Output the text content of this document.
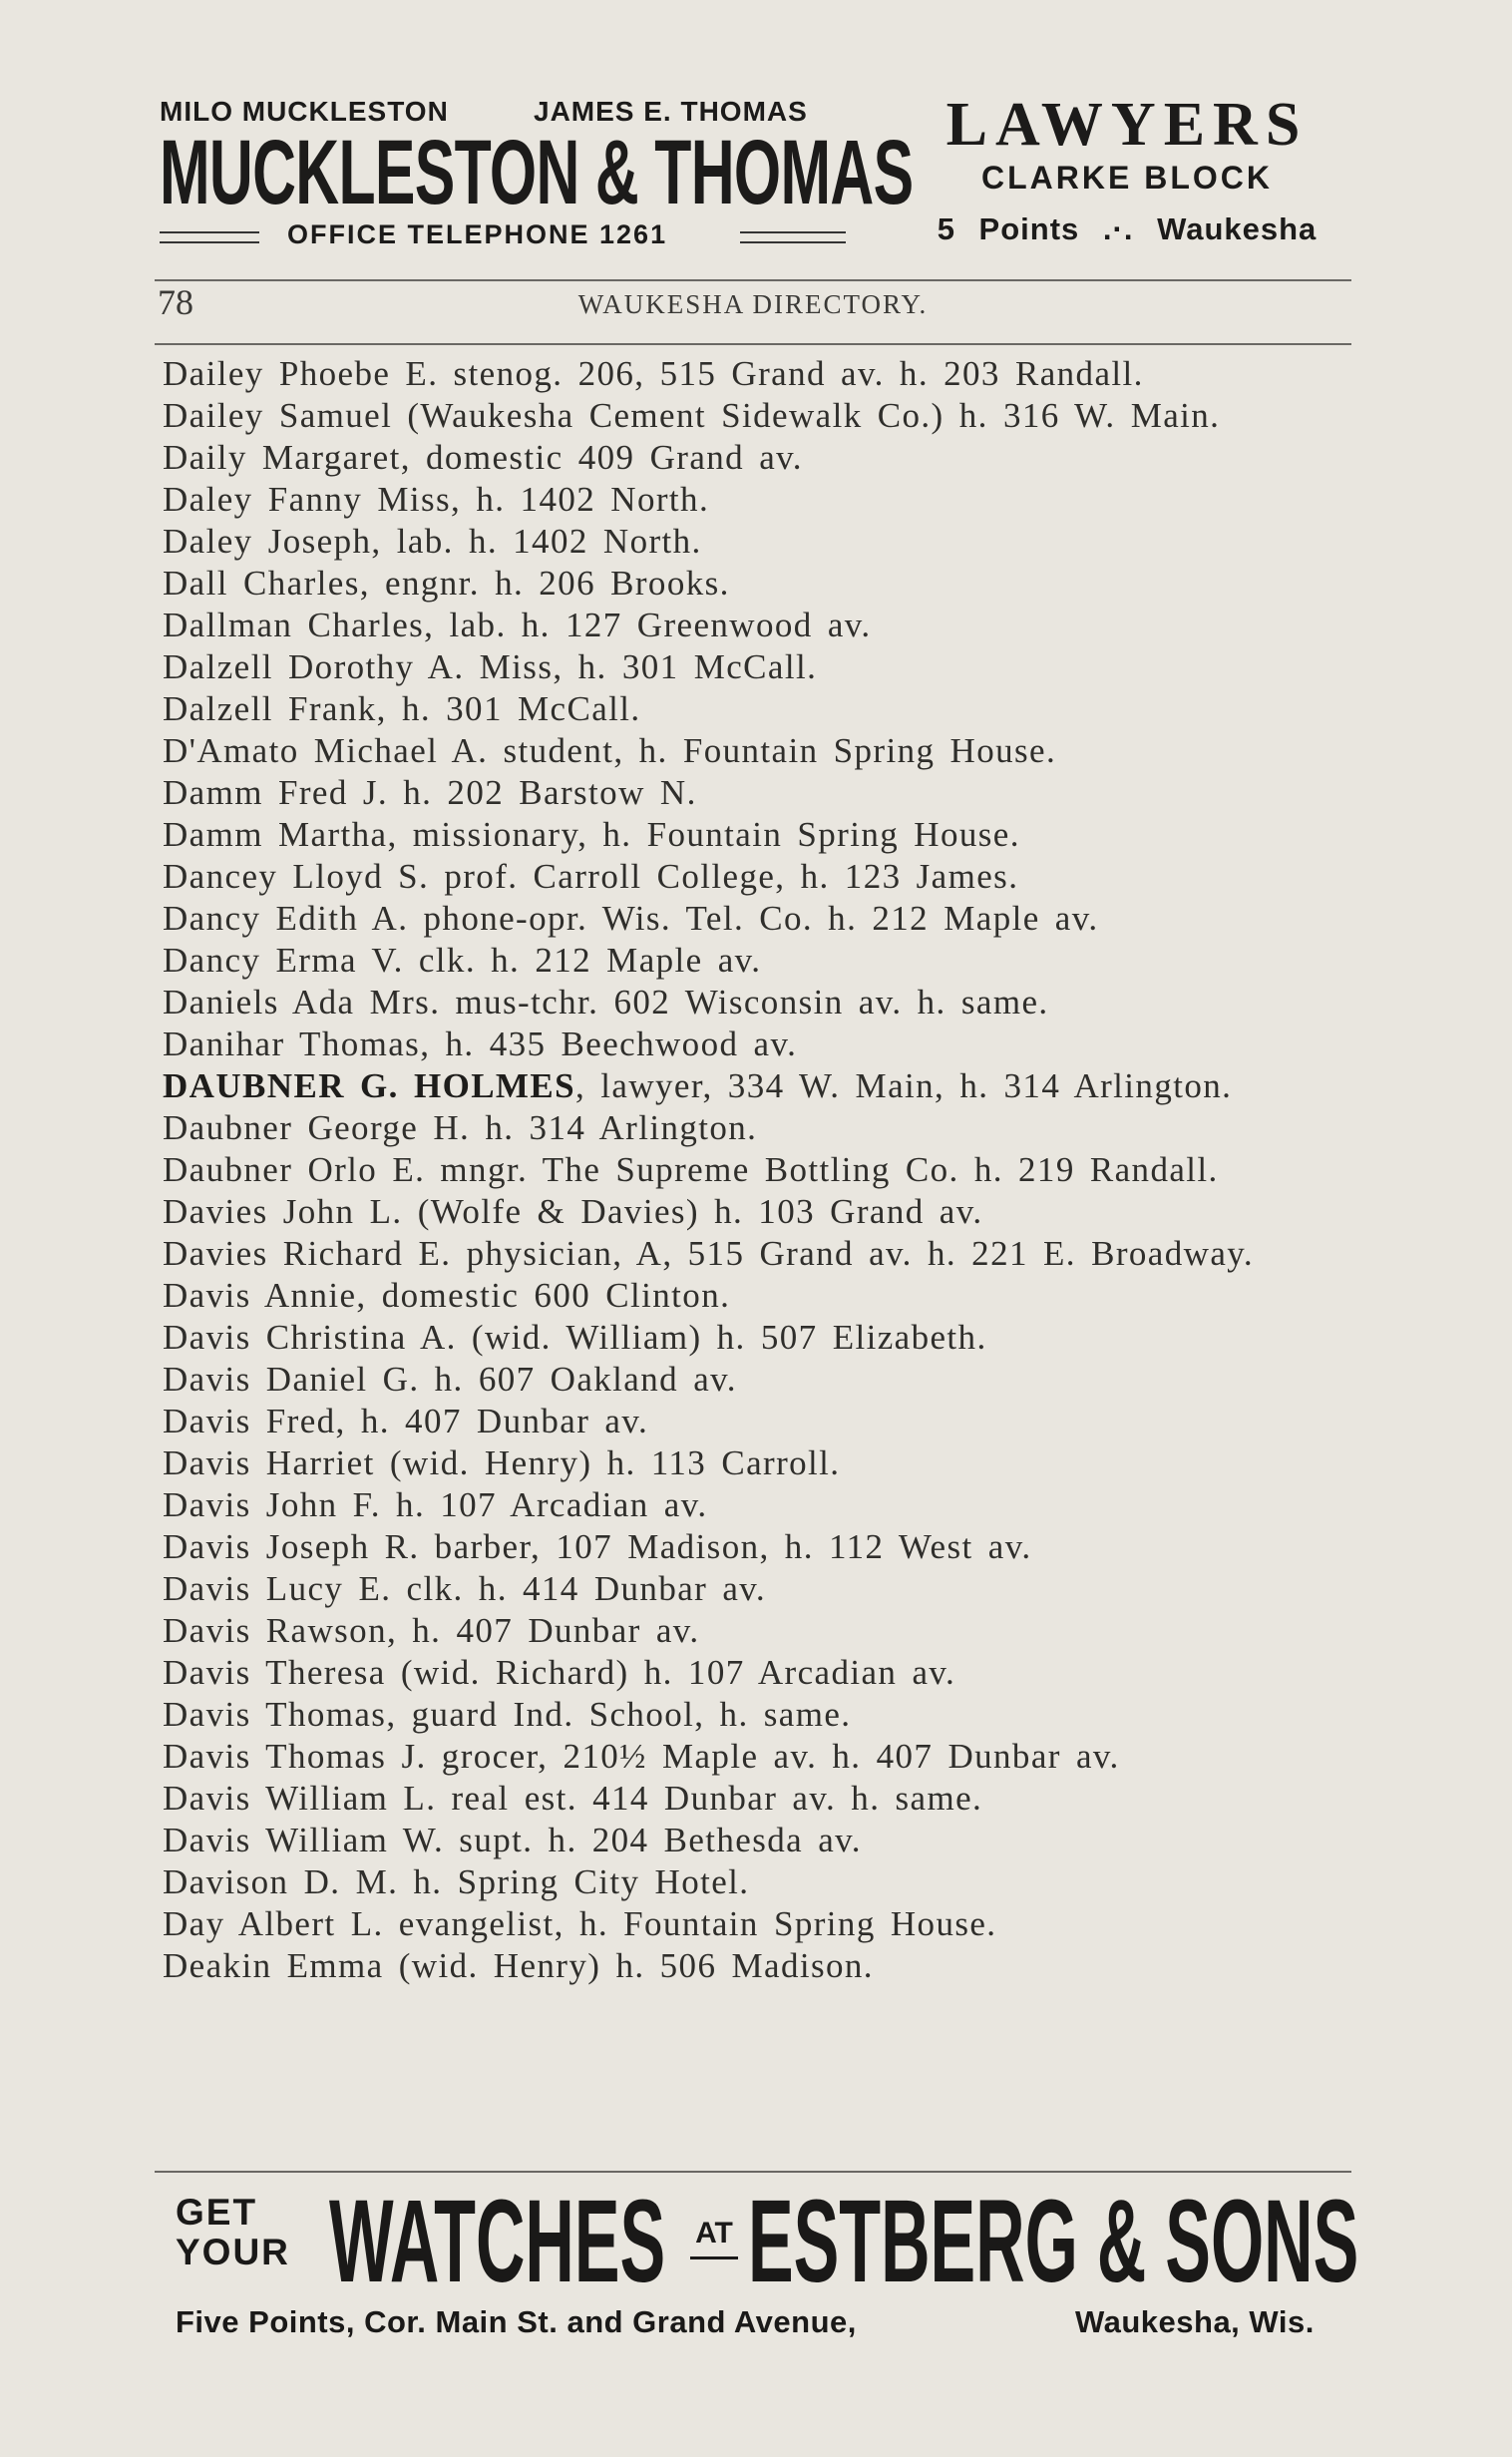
MILO MUCKLESTON	JAMES E. THOMAS
MUCKLESTON & THOMAS
OFFICE TELEPHONE 1261
LAWYERS
CLARKE BLOCK
5 Points .·. Waukesha
78	WAUKESHA DIRECTORY.
Dailey Phoebe E. stenog. 206, 515 Grand av. h. 203 Randall.
Dailey Samuel (Waukesha Cement Sidewalk Co.) h. 316 W. Main.
Daily Margaret, domestic 409 Grand av.
Daley Fanny Miss, h. 1402 North.
Daley Joseph, lab. h. 1402 North.
Dall Charles, engnr. h. 206 Brooks.
Dallman Charles, lab. h. 127 Greenwood av.
Dalzell Dorothy A. Miss, h. 301 McCall.
Dalzell Frank, h. 301 McCall.
D'Amato Michael A. student, h. Fountain Spring House.
Damm Fred J. h. 202 Barstow N.
Damm Martha, missionary, h. Fountain Spring House.
Dancey Lloyd S. prof. Carroll College, h. 123 James.
Dancy Edith A. phone-opr. Wis. Tel. Co. h. 212 Maple av.
Dancy Erma V. clk. h. 212 Maple av.
Daniels Ada Mrs. mus-tchr. 602 Wisconsin av. h. same.
Danihar Thomas, h. 435 Beechwood av.
DAUBNER G. HOLMES, lawyer, 334 W. Main, h. 314 Arlington.
Daubner George H. h. 314 Arlington.
Daubner Orlo E. mngr. The Supreme Bottling Co. h. 219 Randall.
Davies John L. (Wolfe & Davies) h. 103 Grand av.
Davies Richard E. physician, A, 515 Grand av. h. 221 E. Broadway.
Davis Annie, domestic 600 Clinton.
Davis Christina A. (wid. William) h. 507 Elizabeth.
Davis Daniel G. h. 607 Oakland av.
Davis Fred, h. 407 Dunbar av.
Davis Harriet (wid. Henry) h. 113 Carroll.
Davis John F. h. 107 Arcadian av.
Davis Joseph R. barber, 107 Madison, h. 112 West av.
Davis Lucy E. clk. h. 414 Dunbar av.
Davis Rawson, h. 407 Dunbar av.
Davis Theresa (wid. Richard) h. 107 Arcadian av.
Davis Thomas, guard Ind. School, h. same.
Davis Thomas J. grocer, 210½ Maple av. h. 407 Dunbar av.
Davis William L. real est. 414 Dunbar av. h. same.
Davis William W. supt. h. 204 Bethesda av.
Davison D. M. h. Spring City Hotel.
Day Albert L. evangelist, h. Fountain Spring House.
Deakin Emma (wid. Henry) h. 506 Madison.
GET
YOUR WATCHES AT ESTBERG & SONS
Five Points, Cor. Main St. and Grand Avenue,	Waukesha, Wis.
